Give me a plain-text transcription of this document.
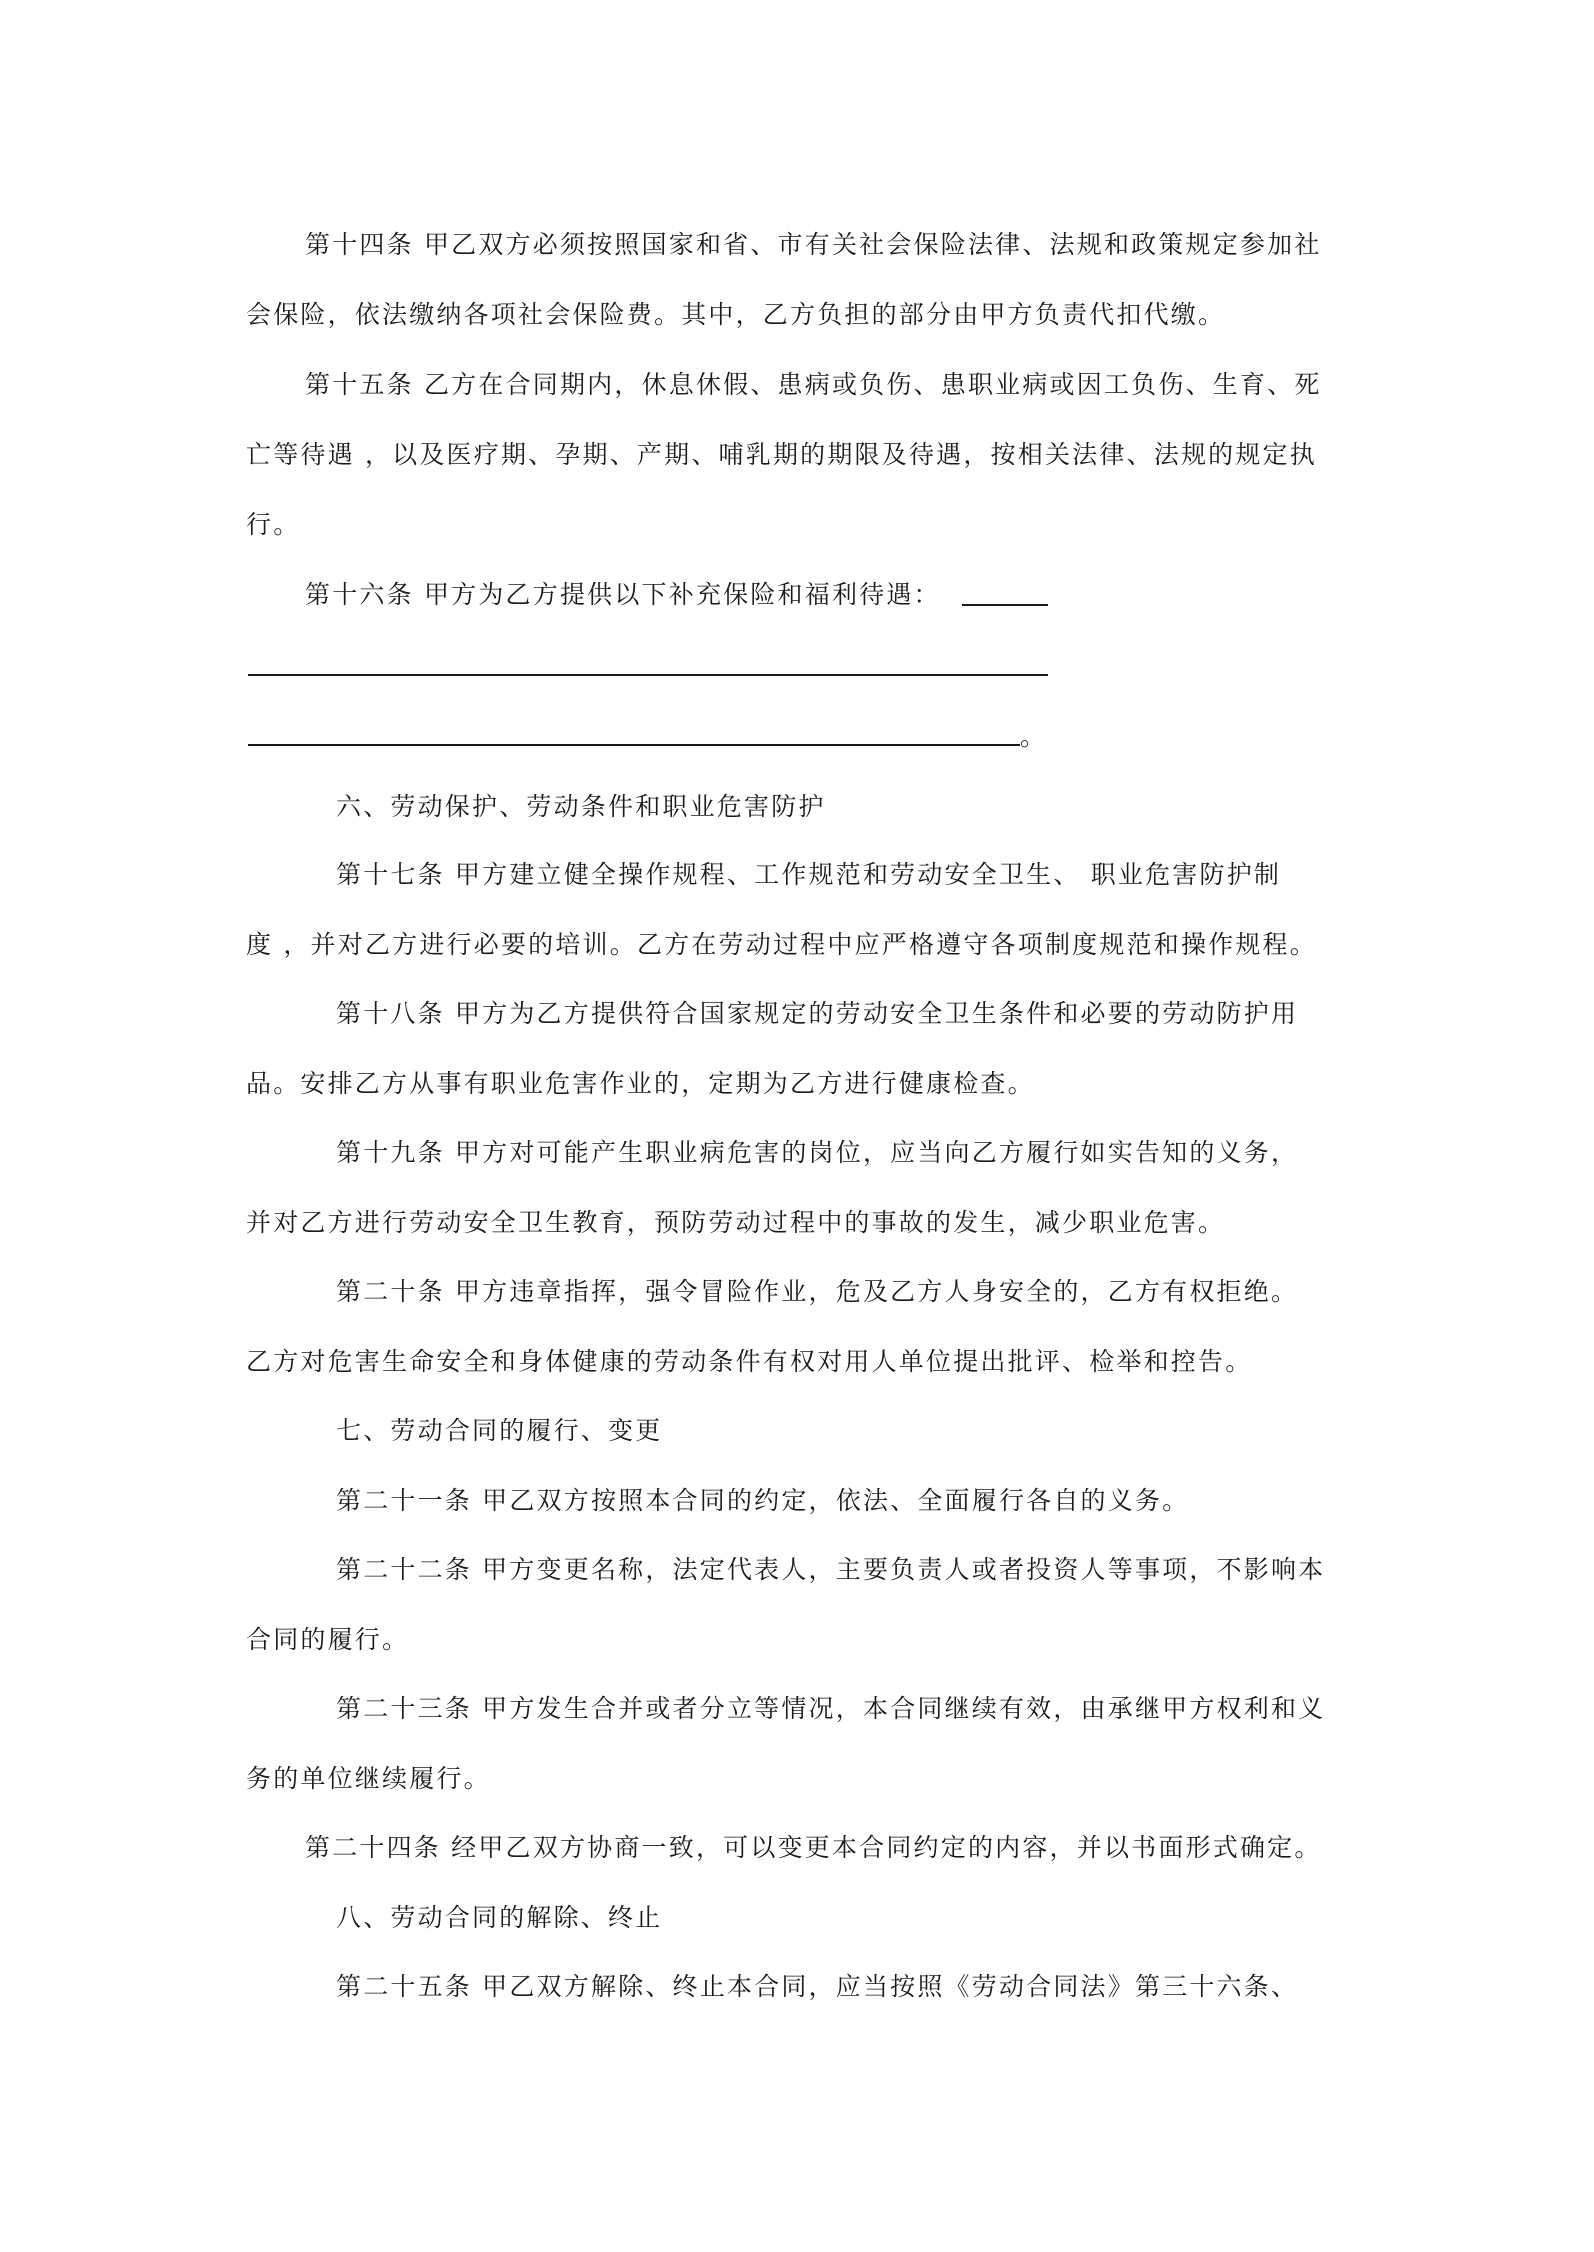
第十四条 甲乙双方必须按照国家和省、市有关社会保险法律、法规和政策规定参加社
会保险，依法缴纳各项社会保险费。其中，乙方负担的部分由甲方负责代扣代缴。
第十五条 乙方在合同期内，休息休假、患病或负伤、患职业病或因工负伤、生育、死
亡等待遇 ，以及医疗期、孕期、产期、哺乳期的期限及待遇，按相关法律、法规的规定执
行。
第十六条 甲方为乙方提供以下补充保险和福利待遇：
。
六、劳动保护、劳动条件和职业危害防护
第十七条 甲方建立健全操作规程、工作规范和劳动安全卫生、 职业危害防护制
度 ，并对乙方进行必要的培训。乙方在劳动过程中应严格遵守各项制度规范和操作规程。
第十八条 甲方为乙方提供符合国家规定的劳动安全卫生条件和必要的劳动防护用
品。安排乙方从事有职业危害作业的，定期为乙方进行健康检查。
第十九条 甲方对可能产生职业病危害的岗位，应当向乙方履行如实告知的义务，
并对乙方进行劳动安全卫生教育，预防劳动过程中的事故的发生，减少职业危害。
第二十条 甲方违章指挥，强令冒险作业，危及乙方人身安全的，乙方有权拒绝。
乙方对危害生命安全和身体健康的劳动条件有权对用人单位提出批评、检举和控告。
七、劳动合同的履行、变更
第二十一条 甲乙双方按照本合同的约定，依法、全面履行各自的义务。
第二十二条 甲方变更名称，法定代表人，主要负责人或者投资人等事项，不影响本
合同的履行。
第二十三条 甲方发生合并或者分立等情况，本合同继续有效，由承继甲方权利和义
务的单位继续履行。
第二十四条 经甲乙双方协商一致，可以变更本合同约定的内容，并以书面形式确定。
八、劳动合同的解除、终止
第二十五条 甲乙双方解除、终止本合同，应当按照《劳动合同法》第三十六条、
